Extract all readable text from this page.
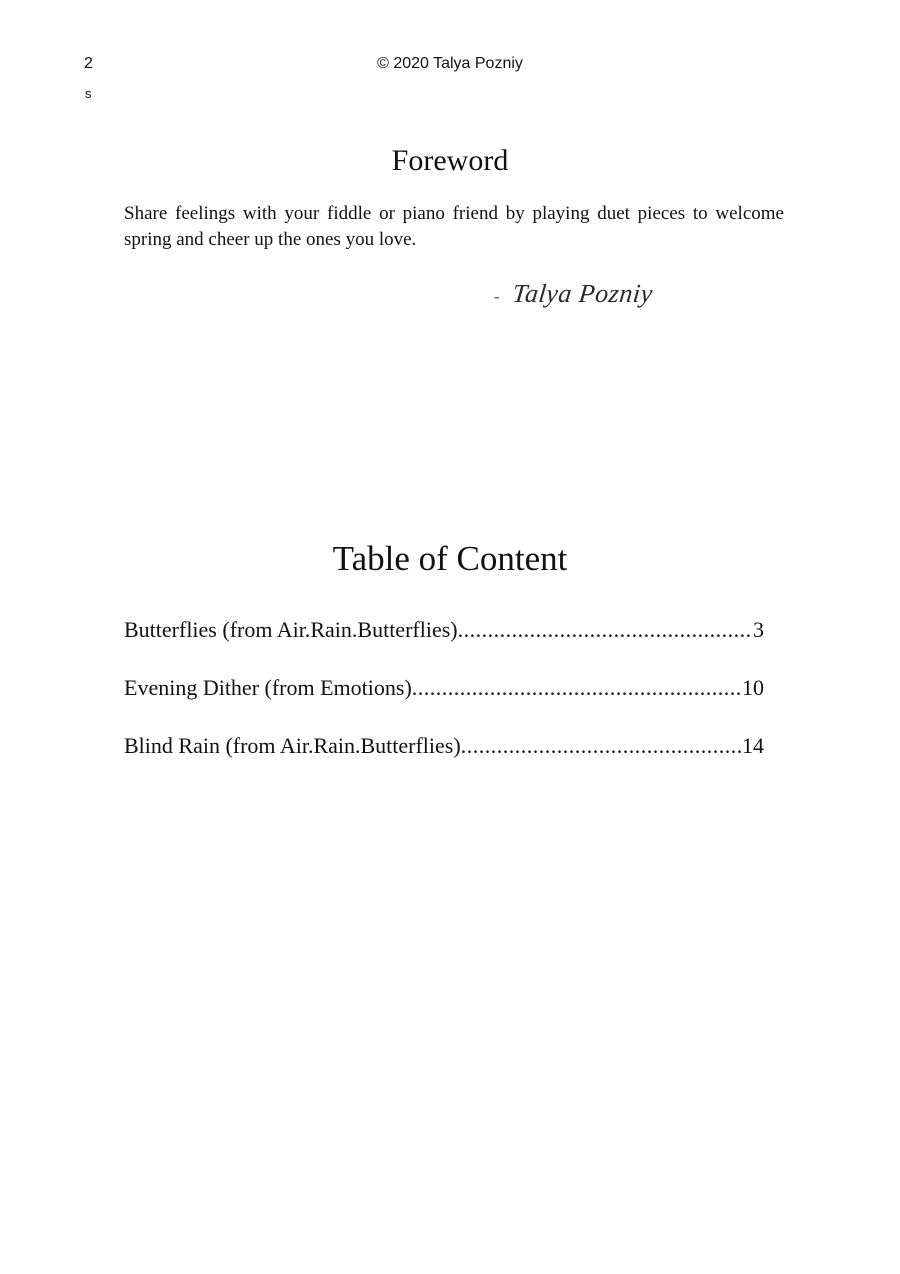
2

s

© 2020 Talya Pozniy

Foreword

Share feelings with your fiddle or piano friend by playing duet pieces to welcome spring and cheer up the ones you love.

- Talya Pozniy

Table of Content
Butterflies (from Air.Rain.Butterflies) .....	3
Evening Dither (from Emotions) .....	10
Blind Rain (from Air.Rain.Butterflies) .....	14
